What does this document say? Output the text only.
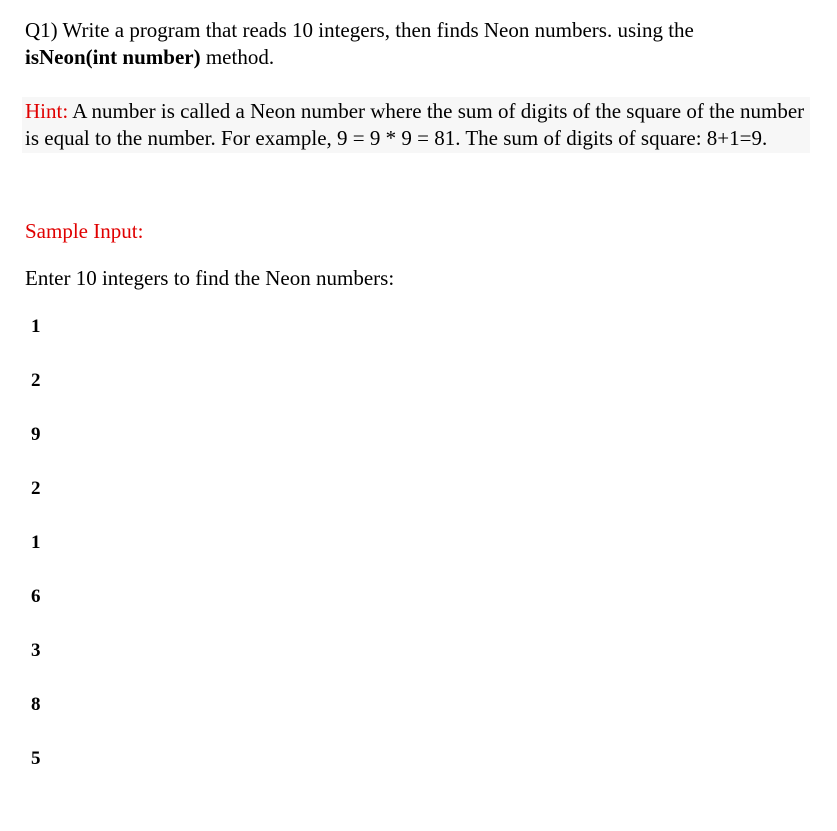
Q1) Write a program that reads 10 integers, then finds Neon numbers. using the
isNeon(int number) method.
Hint: A number is called a Neon number where the sum of digits of the square of the number is equal to the number. For example, 9 = 9 * 9 = 81. The sum of digits of square: 8+1=9.
Sample Input:
Enter 10 integers to find the Neon numbers:
1
2
9
2
1
6
3
8
5
